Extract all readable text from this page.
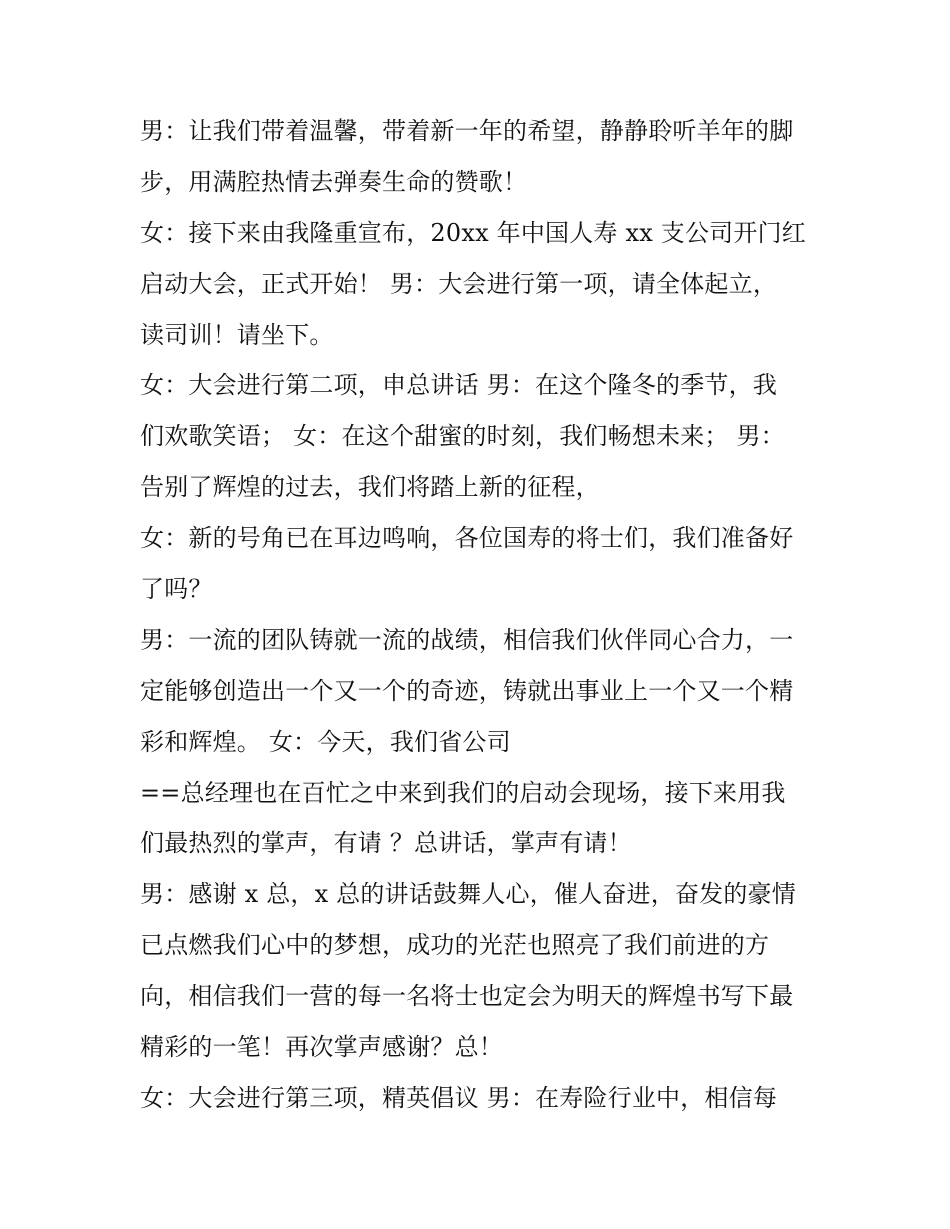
男：让我们带着温馨，带着新一年的希望，静静聆听羊年的脚
步，用满腔热情去弹奏生命的赞歌！
女：接下来由我隆重宣布，20xx 年中国人寿 xx 支公司开门红
启动大会，正式开始！ 男：大会进行第一项，请全体起立，
读司训！请坐下。
女：大会进行第二项，申总讲话 男：在这个隆冬的季节，我
们欢歌笑语； 女：在这个甜蜜的时刻，我们畅想未来； 男：
告别了辉煌的过去，我们将踏上新的征程，
女：新的号角已在耳边鸣响，各位国寿的将士们，我们准备好
了吗？
男：一流的团队铸就一流的战绩，相信我们伙伴同心合力，一
定能够创造出一个又一个的奇迹，铸就出事业上一个又一个精
彩和辉煌。 女：今天，我们省公司
==总经理也在百忙之中来到我们的启动会现场，接下来用我
们最热烈的掌声，有请 ？总讲话，掌声有请！
男：感谢 x 总，x 总的讲话鼓舞人心，催人奋进，奋发的豪情
已点燃我们心中的梦想，成功的光茫也照亮了我们前进的方
向，相信我们一营的每一名将士也定会为明天的辉煌书写下最
精彩的一笔！再次掌声感谢？总！
女：大会进行第三项，精英倡议 男：在寿险行业中，相信每
